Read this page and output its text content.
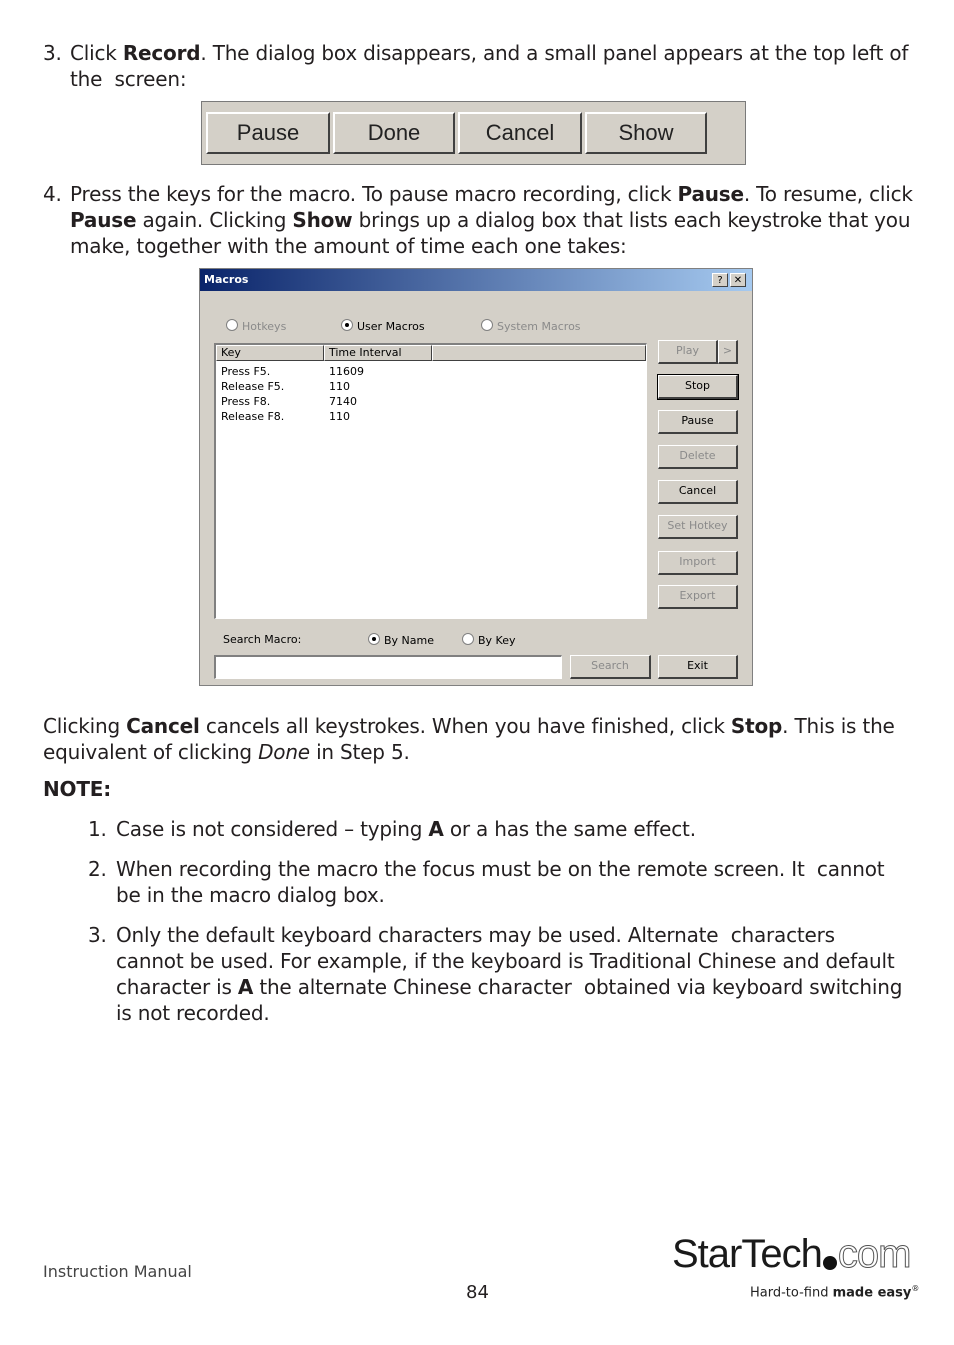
3. Click Record. The dialog box disappears, and a small panel appears at the top left of
the  screen:
Pause	Done	Cancel	Show
4. Press the keys for the macro. To pause macro recording, click Pause. To resume, click
Pause again. Clicking Show brings up a dialog box that lists each keystroke that you
make, together with the amount of time each one takes:
Macros	?	✕
Hotkeys	User Macros	System Macros
Key	Time Interval
Press F5.	11609
Release F5.	110
Press F8.	7140
Release F8.	110
Play	>
Stop
Pause
Delete
Cancel
Set Hotkey
Import
Export
Search Macro:	By Name	By Key
Search	Exit
Clicking Cancel cancels all keystrokes. When you have finished, click Stop. This is the
equivalent of clicking Done in Step 5.
NOTE:
1. Case is not considered – typing A or a has the same effect.
2. When recording the macro the focus must be on the remote screen. It  cannot
be in the macro dialog box.
3. Only the default keyboard characters may be used. Alternate  characters
cannot be used. For example, if the keyboard is Traditional Chinese and default
character is A the alternate Chinese character  obtained via keyboard switching
is not recorded.
Instruction Manual
84
StarTech com
Hard-to-find made easy®
